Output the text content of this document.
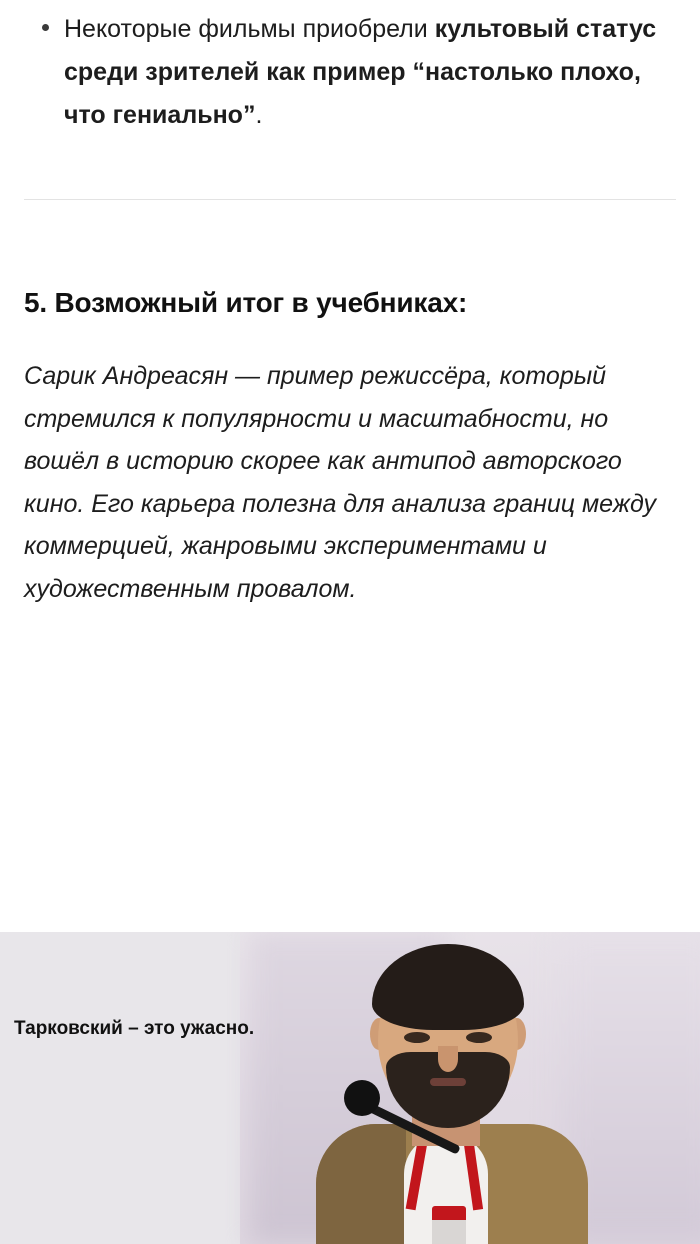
Некоторые фильмы приобрели культовый статус среди зрителей как пример “настолько плохо, что гениально”.
5. Возможный итог в учебниках:

Сарик Андреасян — пример режиссёра, который стремился к популярности и масштабности, но вошёл в историю скорее как антипод авторского кино. Его карьера полезна для анализа границ между коммерцией, жанровыми экспериментами и художественным провалом.

Тарковский – это ужасно.
